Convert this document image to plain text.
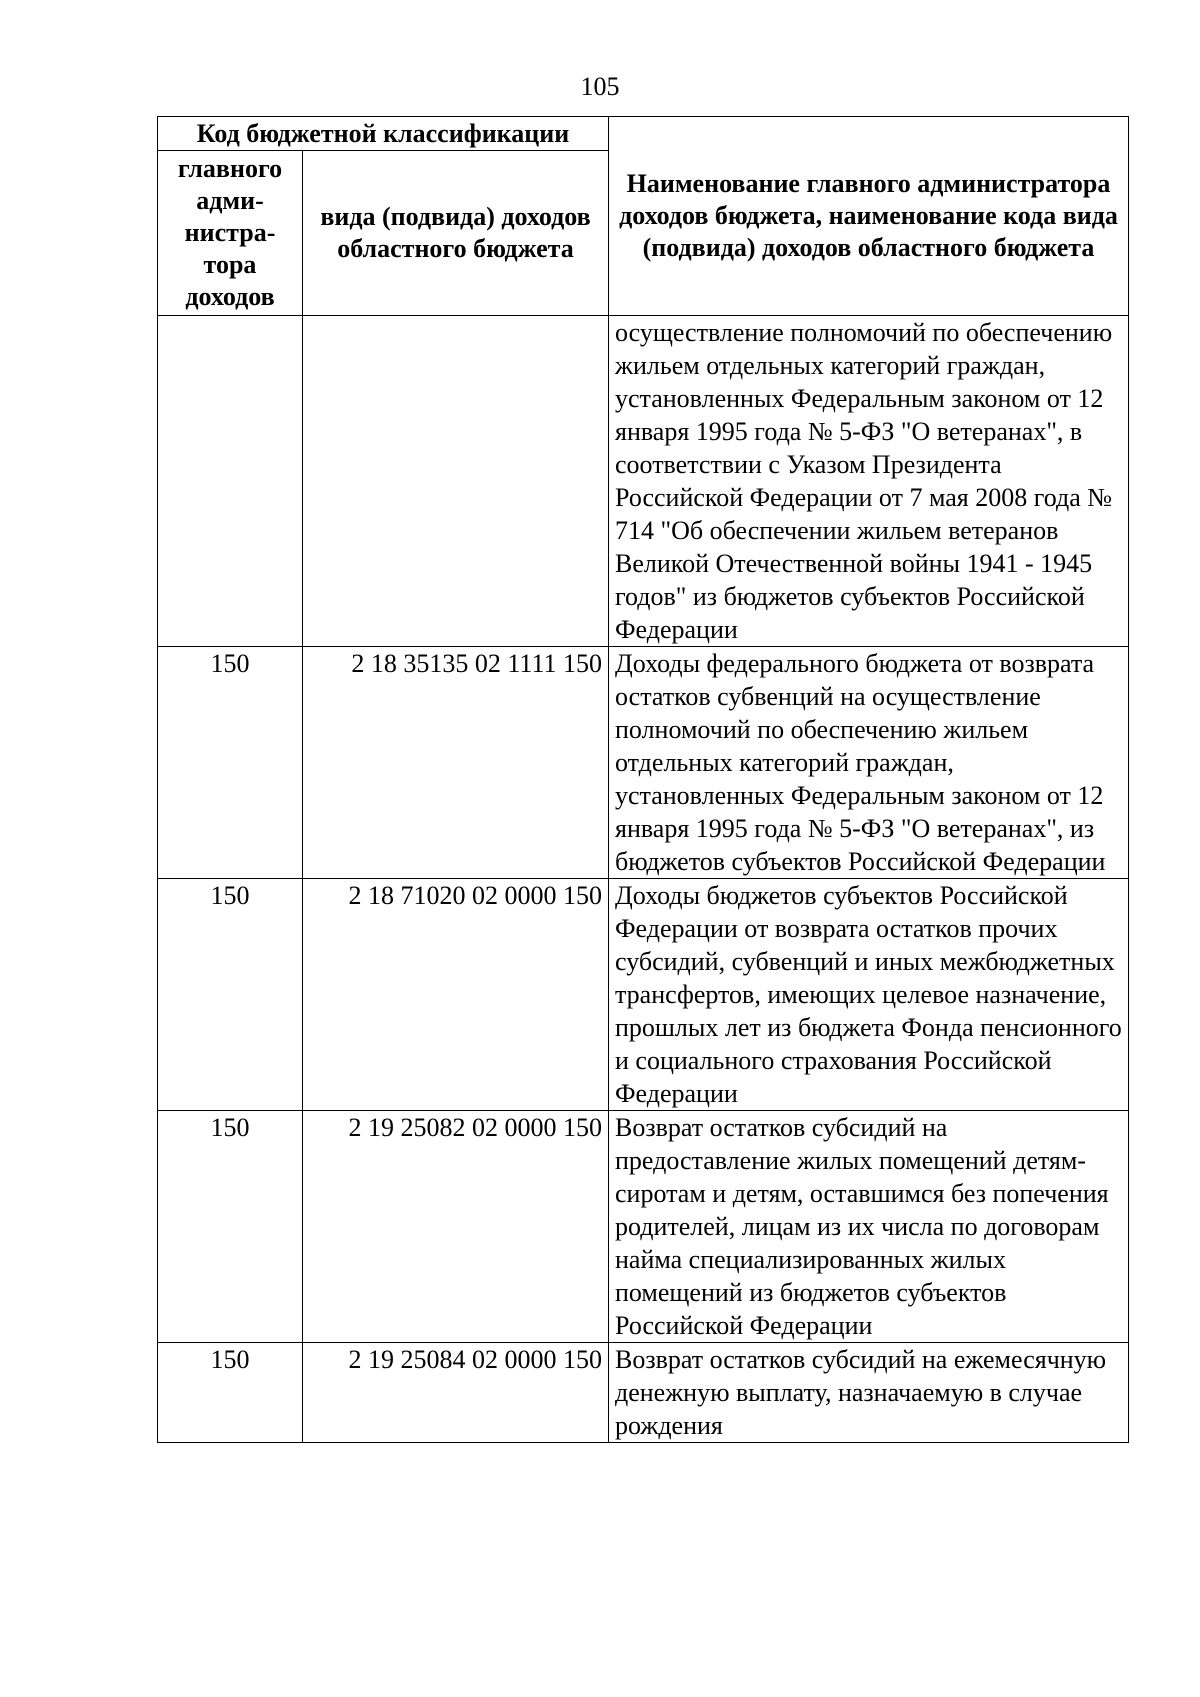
105
Код бюджетной классификации		Наименование главного администратора доходов бюджета, наименование кода вида (подвида) доходов областного бюджета
главного адми-нистра-тора доходов	вида (подвида) доходов областного бюджета	
		осуществление полномочий по обеспечению жильем отдельных категорий граждан, установленных Федеральным законом от 12 января 1995 года № 5-ФЗ "О ветеранах", в соответствии с Указом Президента Российской Федерации от 7 мая 2008 года № 714 "Об обеспечении жильем ветеранов Великой Отечественной войны 1941 - 1945 годов" из бюджетов субъектов Российской Федерации
150	2 18 35135 02 1111 150	Доходы федерального бюджета от возврата остатков субвенций на осуществление полномочий по обеспечению жильем отдельных категорий граждан, установленных Федеральным законом от 12 января 1995 года № 5-ФЗ "О ветеранах", из бюджетов субъектов Российской Федерации
150	2 18 71020 02 0000 150	Доходы бюджетов субъектов Российской Федерации от возврата остатков прочих субсидий, субвенций и иных межбюджетных трансфертов, имеющих целевое назначение, прошлых лет из бюджета Фонда пенсионного и социального страхования Российской Федерации
150	2 19 25082 02 0000 150	Возврат остатков субсидий на предоставление жилых помещений детям-сиротам и детям, оставшимся без попечения родителей, лицам из их числа по договорам найма специализированных жилых помещений из бюджетов субъектов Российской Федерации
150	2 19 25084 02 0000 150	Возврат остатков субсидий на ежемесячную денежную выплату, назначаемую в случае рождения
